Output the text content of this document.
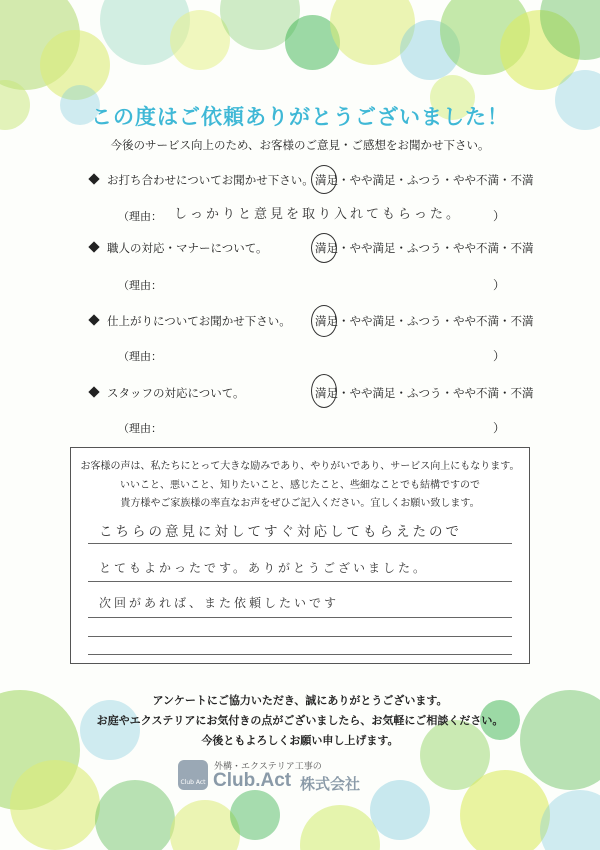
この度はご依頼ありがとうございました！
今後のサービス向上のため、お客様のご意見・ご感想をお聞かせ下さい。
お打ち合わせについてお聞かせ下さい。 満足・やや満足・ふつう・やや不満・不満
（理由： しっかりと意見を取り入れてもらった。	）
職人の対応・マナーについて。	満足・やや満足・ふつう・やや不満・不満
（理由：	）
仕上がりについてお聞かせ下さい。 満足・やや満足・ふつう・やや不満・不満
（理由：	）
スタッフの対応について。	満足・やや満足・ふつう・やや不満・不満
（理由：	）
お客様の声は、私たちにとって大きな励みであり、やりがいであり、サービス向上にもなります。
いいこと、悪いこと、知りたいこと、感じたこと、些細なことでも結構ですので
貴方様やご家族様の率直なお声をぜひご記入ください。宜しくお願い致します。
こちらの意見に対してすぐ対応してもらえたので
とてもよかったです。ありがとうございました。
次回があれば、また依頼したいです
アンケートにご協力いただき、誠にありがとうございます。
お庭やエクステリアにお気付きの点がございましたら、お気軽にご相談ください。
今後ともよろしくお願い申し上げます。
Club Act
外構・エクステリア工事の
Club.Act 株式会社
